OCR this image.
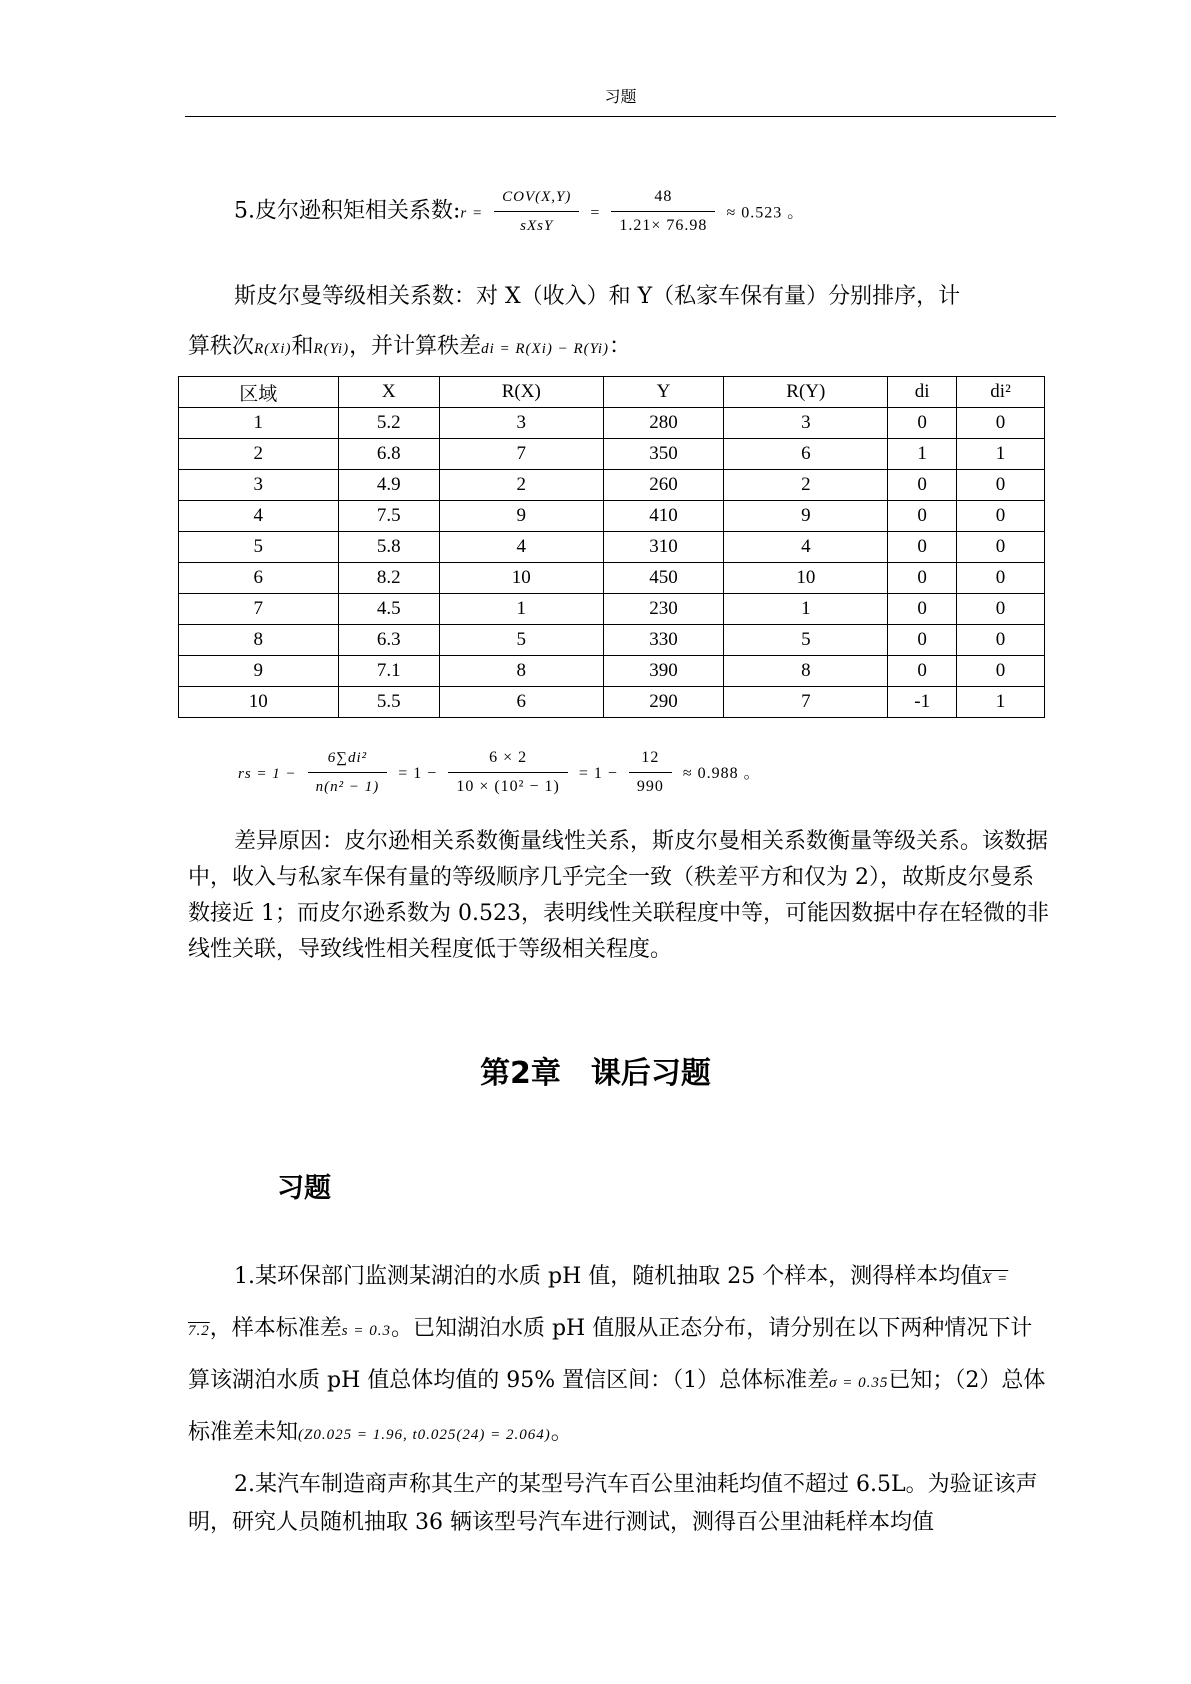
习题
5.皮尔逊积矩相关系数:r = $\frac{\text{COV(X,Y)}}{\text{sXsY}} = \frac{48}{1.21\times 76.98} \approx 0.523$ 。
斯皮尔曼等级相关系数：对 X（收入）和 Y（私家车保有量）分别排序，计
算秩次R(Xi)和R(Yi)，并计算秩差di = R(Xi) − R(Yi)：
区域	X	R(X)	Y	R(Y)	di	di²
1	5.2	3	280	3	0	0
2	6.8	7	350	6	1	1
3	4.9	2	260	2	0	0
4	7.5	9	410	9	0	0
5	5.8	4	310	4	0	0
6	8.2	10	450	10	0	0
7	4.5	1	230	1	0	0
8	6.3	5	330	5	0	0
9	7.1	8	390	8	0	0
10	5.5	6	290	7	-1	1
rs = $1 - \frac{\text{6∑di²}}{\text{n(n² − 1)}} = 1 - \frac{6 \times 2}{\text{10 × (10² − 1)}} = 1 - \frac{12}{990} \approx 0.988$ 。
差异原因：皮尔逊相关系数衡量线性关系，斯皮尔曼相关系数衡量等级关系。该数据中，收入与私家车保有量的等级顺序几乎完全一致（秩差平方和仅为 2），故斯皮尔曼系数接近 1；而皮尔逊系数为 0.523，表明线性关联程度中等，可能因数据中存在轻微的非线性关联，导致线性相关程度低于等级相关程度。
第2章　课后习题
习题
1.某环保部门监测某湖泊的水质 pH 值，随机抽取 25 个样本，测得样本均值X = 7.2，样本标准差s = 0.3。已知湖泊水质 pH 值服从正态分布，请分别在以下两种情况下计算该湖泊水质 pH 值总体均值的 95% 置信区间：（1）总体标准差σ = 0.35已知；（2）总体标准差未知(Z0.025 = 1.96, t0.025(24) = 2.064)。
2.某汽车制造商声称其生产的某型号汽车百公里油耗均值不超过 6.5L。为验证该声明，研究人员随机抽取 36 辆该型号汽车进行测试，测得百公里油耗样本均值
